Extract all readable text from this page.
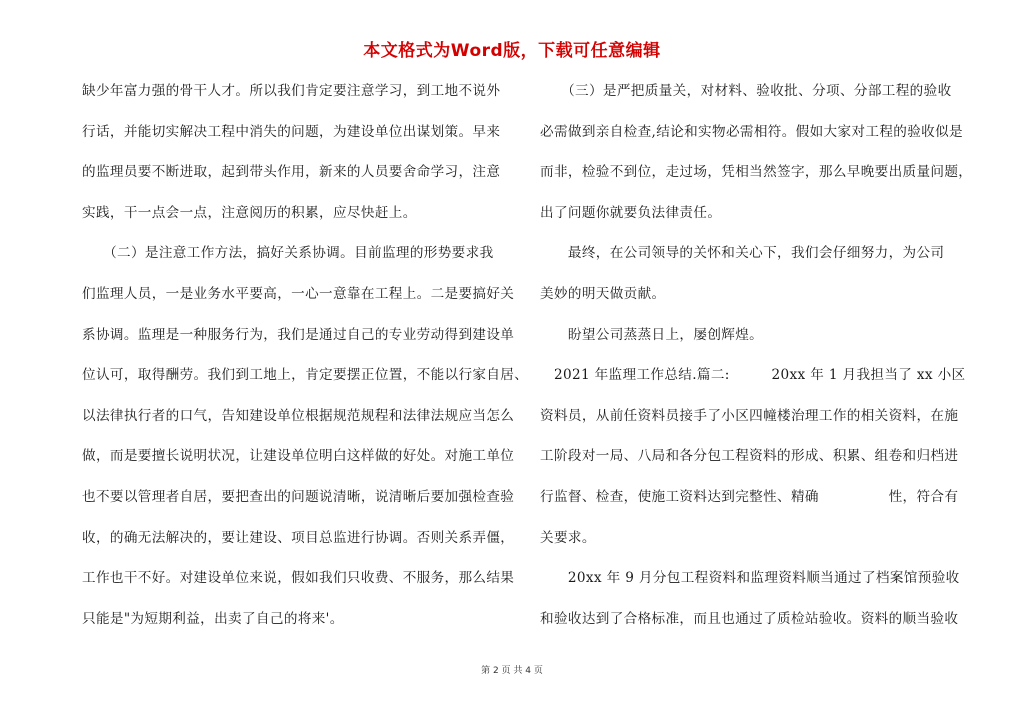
本文格式为Word版，下载可任意编辑
缺少年富力强的骨干人才。所以我们肯定要注意学习，到工地不说外
行话，并能切实解决工程中消失的问题，为建设单位出谋划策。早来
的监理员要不断进取，起到带头作用，新来的人员要舍命学习，注意
实践，干一点会一点，注意阅历的积累，应尽快赶上。
　　（二）是注意工作方法，搞好关系协调。目前监理的形势要求我
们监理人员，一是业务水平要高，一心一意靠在工程上。二是要搞好关
系协调。监理是一种服务行为，我们是通过自己的专业劳动得到建设单
位认可，取得酬劳。我们到工地上，肯定要摆正位置，不能以行家自居、
以法律执行者的口气，告知建设单位根据规范规程和法律法规应当怎么
做，而是要擅长说明状况，让建设单位明白这样做的好处。对施工单位
也不要以管理者自居，要把查出的问题说清晰，说清晰后要加强检查验
收，的确无法解决的，要让建设、项目总监进行协调。否则关系弄僵，
工作也干不好。对建设单位来说，假如我们只收费、不服务，那么结果
只能是"为短期利益，出卖了自己的将来'。
　　（三）是严把质量关，对材料、验收批、分项、分部工程的验收
必需做到亲自检查,结论和实物必需相符。假如大家对工程的验收似是
而非，检验不到位，走过场，凭相当然签字，那么早晚要出质量问题，
出了问题你就要负法律责任。
　　最终，在公司领导的关怀和关心下，我们会仔细努力，为公司
美妙的明天做贡献。
　　盼望公司蒸蒸日上，屡创辉煌。
　2021 年监理工作总结.篇二:　　　20xx 年 1 月我担当了 xx 小区
资料员，从前任资料员接手了小区四幢楼治理工作的相关资料，在施
工阶段对一局、八局和各分包工程资料的形成、积累、组卷和归档进
行监督、检查，使施工资料达到完整性、精确　　　　　性，符合有
关要求。
　　20xx 年 9 月分包工程资料和监理资料顺当通过了档案馆预验收
和验收达到了合格标准，而且也通过了质检站验收。资料的顺当验收
第 2 页 共 4 页
